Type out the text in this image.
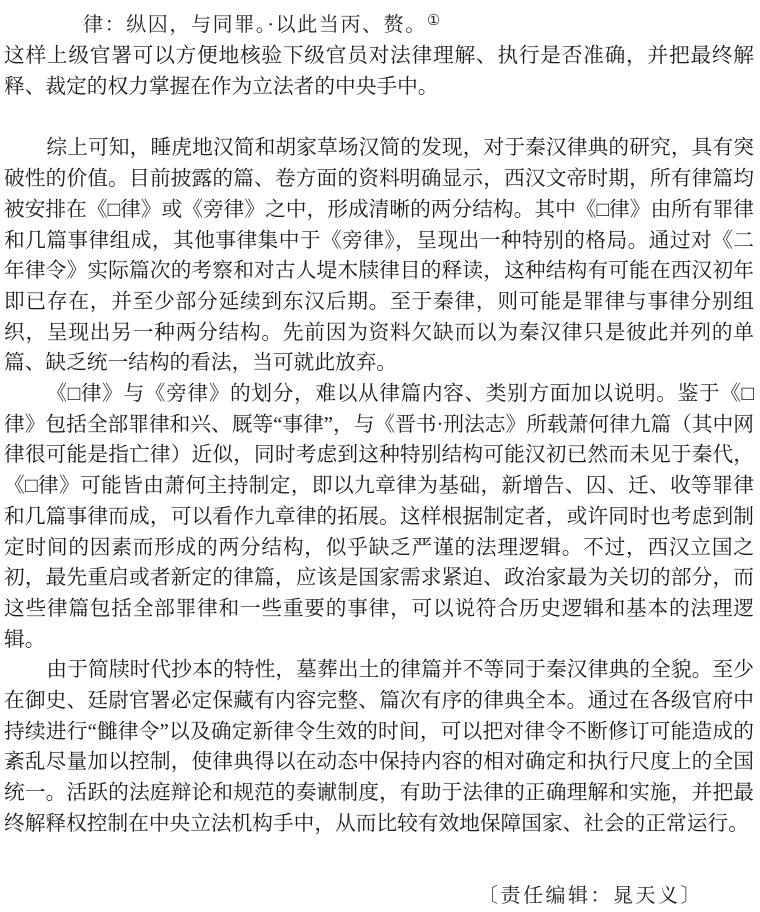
律：纵囚，与同罪。·以此当丙、赘。①

这样上级官署可以方便地核验下级官员对法律理解、执行是否准确，并把最终解释、裁定的权力掌握在作为立法者的中央手中。

综上可知，睡虎地汉简和胡家草场汉简的发现，对于秦汉律典的研究，具有突破性的价值。目前披露的篇、卷方面的资料明确显示，西汉文帝时期，所有律篇均被安排在《□律》或《旁律》之中，形成清晰的两分结构。其中《□律》由所有罪律和几篇事律组成，其他事律集中于《旁律》，呈现出一种特别的格局。通过对《二年律令》实际篇次的考察和对古人堤木牍律目的释读，这种结构有可能在西汉初年即已存在，并至少部分延续到东汉后期。至于秦律，则可能是罪律与事律分别组织，呈现出另一种两分结构。先前因为资料欠缺而以为秦汉律只是彼此并列的单篇、缺乏统一结构的看法，当可就此放弃。

《□律》与《旁律》的划分，难以从律篇内容、类别方面加以说明。鉴于《□律》包括全部罪律和兴、厩等“事律”，与《晋书·刑法志》所载萧何律九篇（其中网律很可能是指亡律）近似，同时考虑到这种特别结构可能汉初已然而未见于秦代，《□律》可能皆由萧何主持制定，即以九章律为基础，新增告、囚、迁、收等罪律和几篇事律而成，可以看作九章律的拓展。这样根据制定者，或许同时也考虑到制定时间的因素而形成的两分结构，似乎缺乏严谨的法理逻辑。不过，西汉立国之初，最先重启或者新定的律篇，应该是国家需求紧迫、政治家最为关切的部分，而这些律篇包括全部罪律和一些重要的事律，可以说符合历史逻辑和基本的法理逻辑。

由于简牍时代抄本的特性，墓葬出土的律篇并不等同于秦汉律典的全貌。至少在御史、廷尉官署必定保藏有内容完整、篇次有序的律典全本。通过在各级官府中持续进行“雠律令”以及确定新律令生效的时间，可以把对律令不断修订可能造成的紊乱尽量加以控制，使律典得以在动态中保持内容的相对确定和执行尺度上的全国统一。活跃的法庭辩论和规范的奏谳制度，有助于法律的正确理解和实施，并把最终解释权控制在中央立法机构手中，从而比较有效地保障国家、社会的正常运行。

〔责任编辑：晁天义〕
